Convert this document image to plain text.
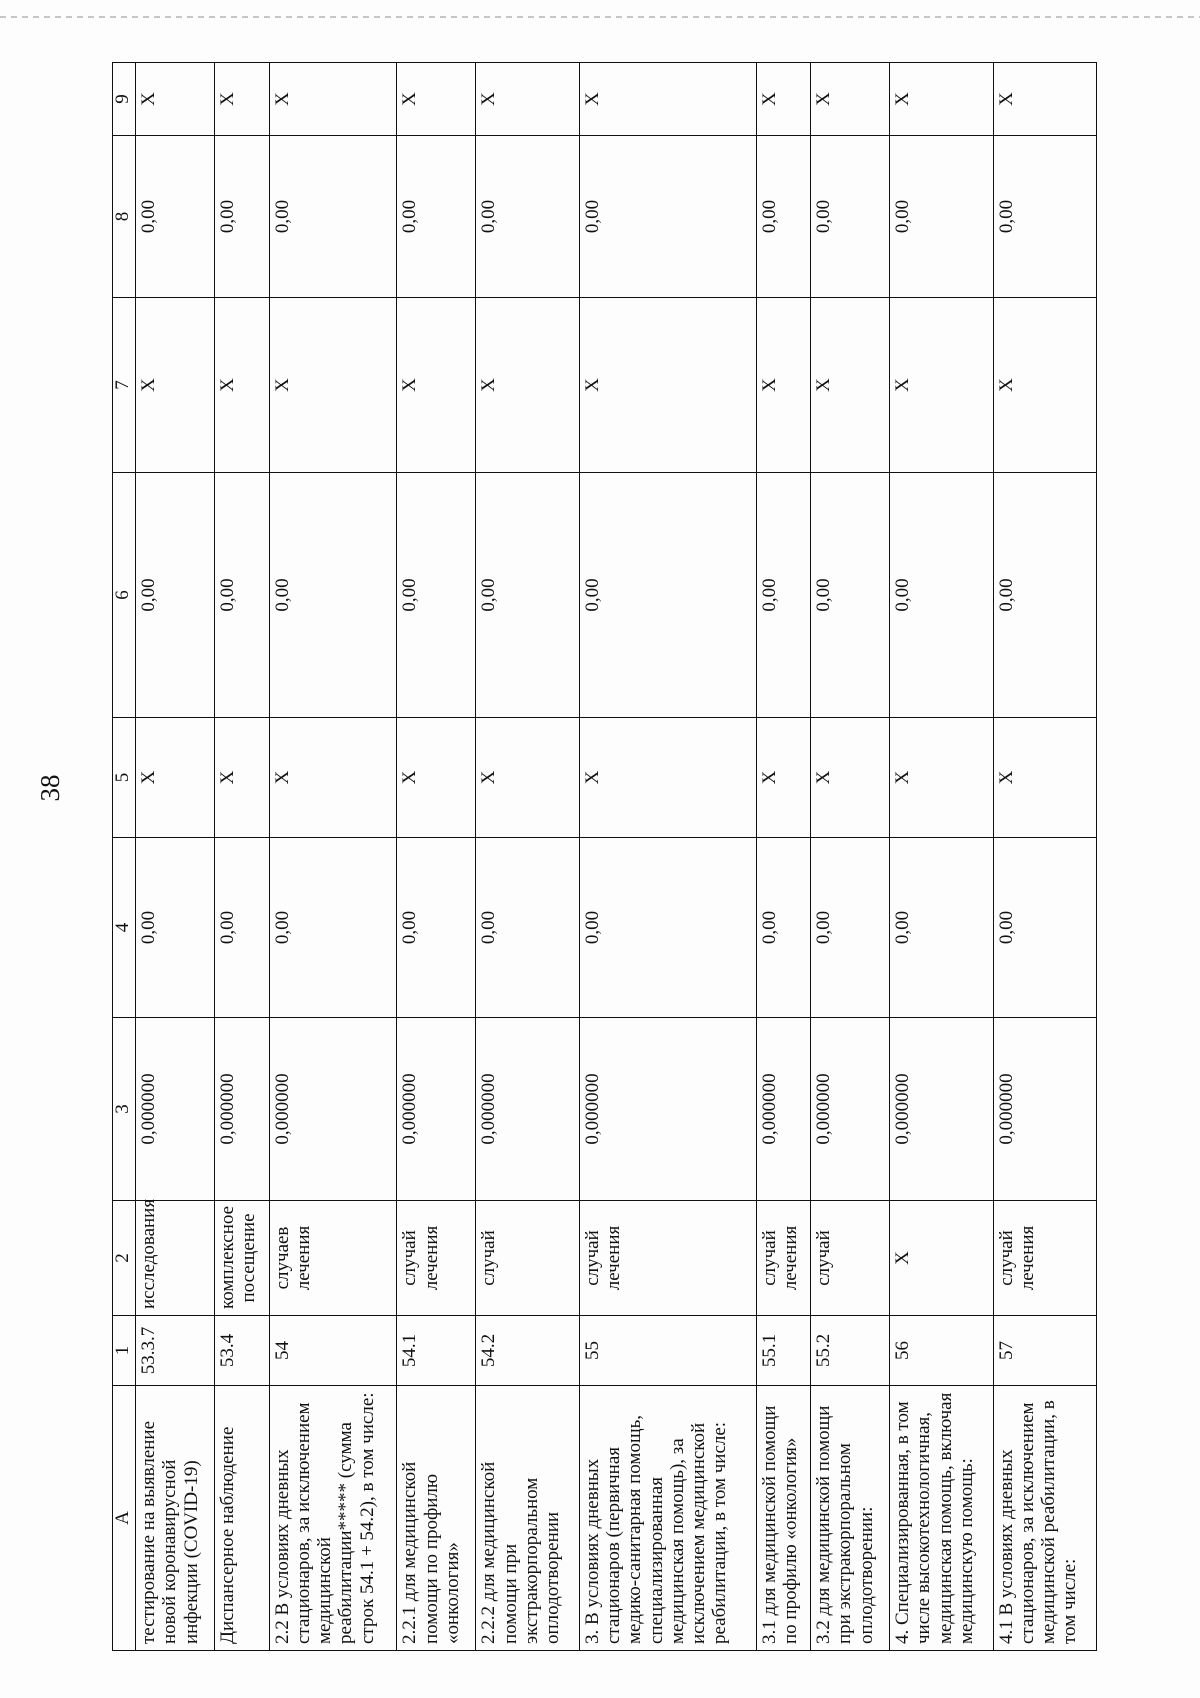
38
А	1	2	3	4	5	6	7	8	9
тестирование на выявление новой коронавирусной инфекции (COVID-19)	53.3.7	исследования	0,000000	0,00	X	0,00	X	0,00	X
Диспансерное наблюдение	53.4	комплексное посещение	0,000000	0,00	X	0,00	X	0,00	X
2.2 В условиях дневных стационаров, за исключением медицинской реабилитации***** (сумма строк 54.1 + 54.2), в том числе:	54	случаев лечения	0,000000	0,00	X	0,00	X	0,00	X
2.2.1 для медицинской помощи по профилю «онкология»	54.1	случай лечения	0,000000	0,00	X	0,00	X	0,00	X
2.2.2 для медицинской помощи при экстракорпоральном оплодотворении	54.2	случай	0,000000	0,00	X	0,00	X	0,00	X
3. В условиях дневных стационаров (первичная медико-санитарная помощь, специализированная медицинская помощь), за исключением медицинской реабилитации, в том числе:	55	случай лечения	0,000000	0,00	X	0,00	X	0,00	X
3.1 для медицинской помощи по профилю «онкология»	55.1	случай лечения	0,000000	0,00	X	0,00	X	0,00	X
3.2 для медицинской помощи при экстракорпоральном оплодотворении:	55.2	случай	0,000000	0,00	X	0,00	X	0,00	X
4. Специализированная, в том числе высокотехнологичная, медицинская помощь, включая медицинскую помощь:	56	X	0,000000	0,00	X	0,00	X	0,00	X
4.1 В условиях дневных стационаров, за исключением медицинской реабилитации, в том числе:	57	случай лечения	0,000000	0,00	X	0,00	X	0,00	X
